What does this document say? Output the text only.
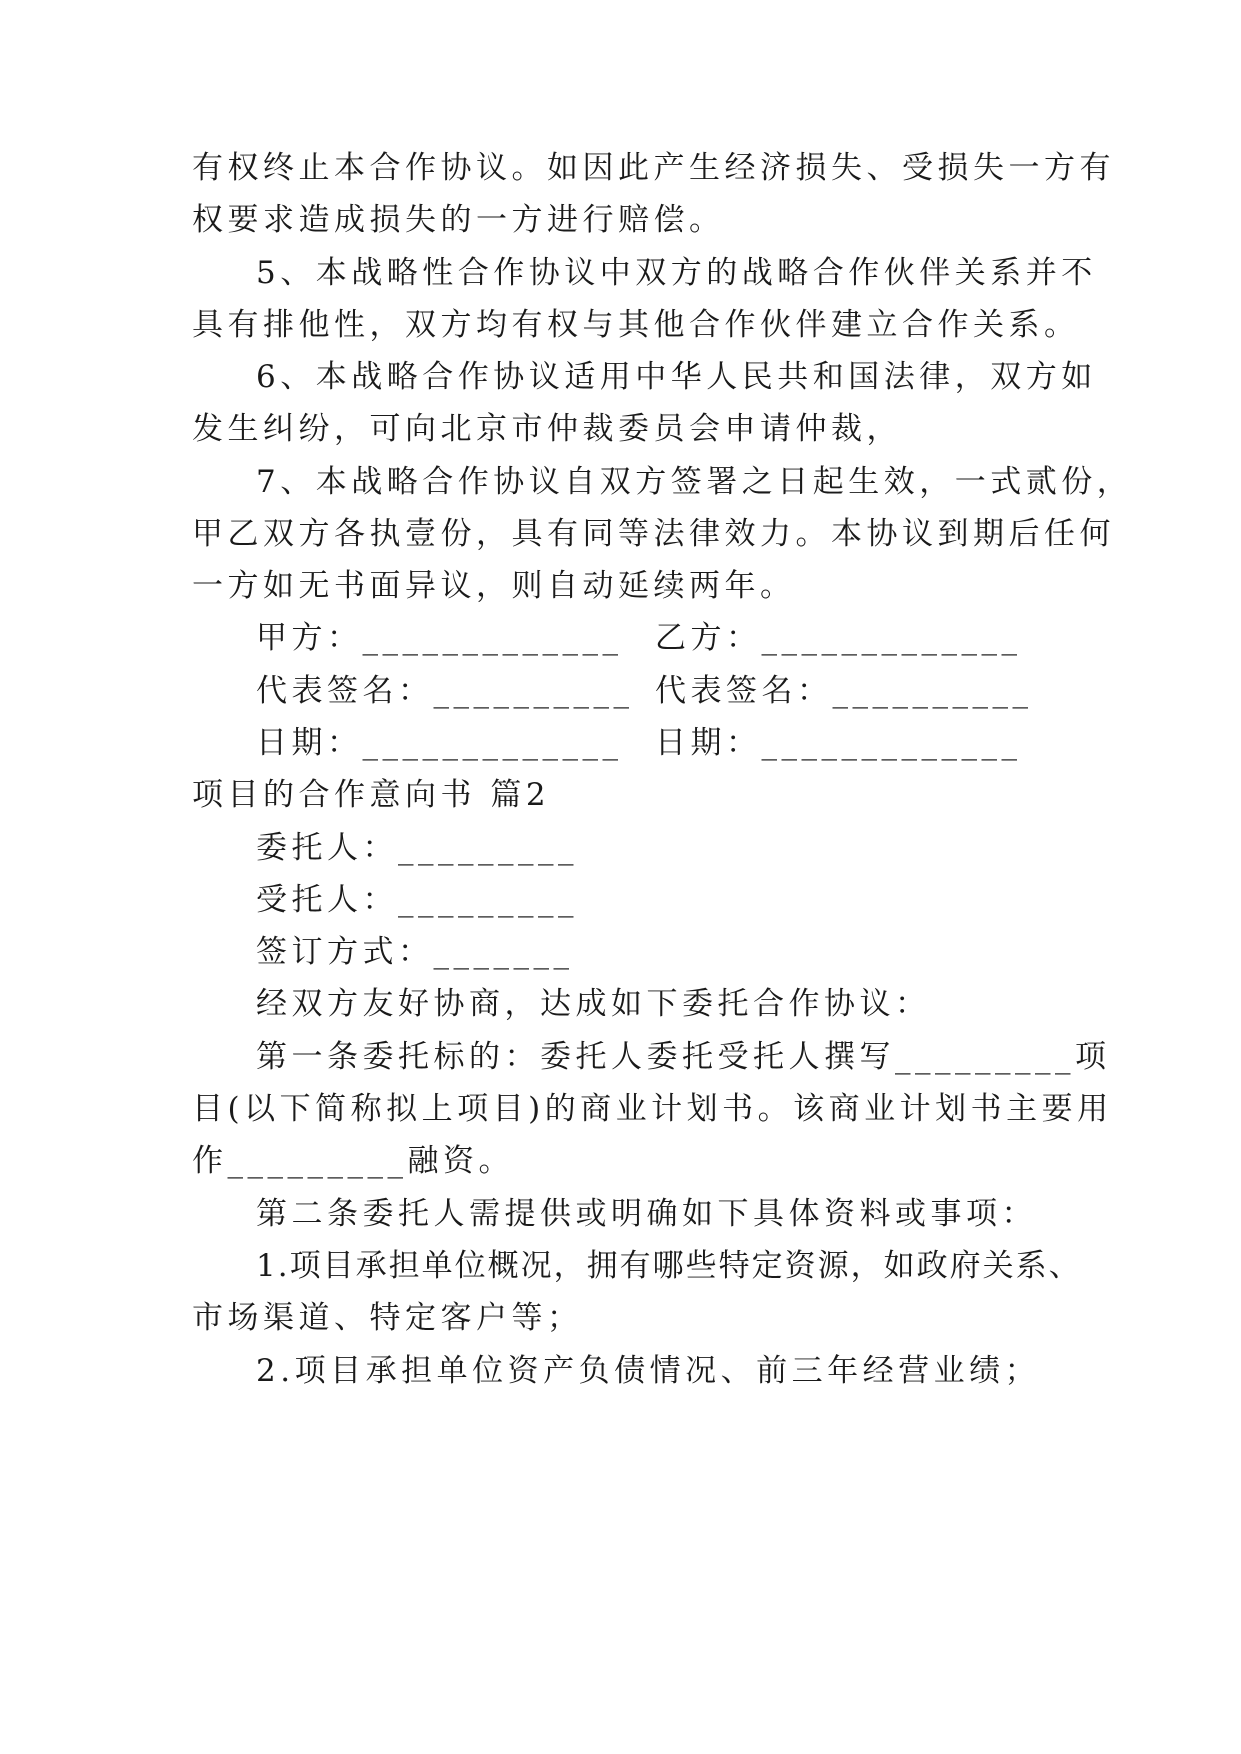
有权终止本合作协议。如因此产生经济损失、受损失一方有
权要求造成损失的一方进行赔偿。
5、本战略性合作协议中双方的战略合作伙伴关系并不
具有排他性，双方均有权与其他合作伙伴建立合作关系。
6、本战略合作协议适用中华人民共和国法律，双方如
发生纠纷，可向北京市仲裁委员会申请仲裁，
7、本战略合作协议自双方签署之日起生效，一式贰份，
甲乙双方各执壹份，具有同等法律效力。本协议到期后任何
一方如无书面异议，则自动延续两年。
甲方：_____________ 乙方：_____________
代表签名：__________ 代表签名：__________
日期：_____________ 日期：_____________
项目的合作意向书 篇2
委托人：_________
受托人：_________
签订方式：_______
经双方友好协商，达成如下委托合作协议：
第一条委托标的：委托人委托受托人撰写_________项
目(以下简称拟上项目)的商业计划书。该商业计划书主要用
作_________融资。
第二条委托人需提供或明确如下具体资料或事项：
1.项目承担单位概况，拥有哪些特定资源，如政府关系、
市场渠道、特定客户等；
2.项目承担单位资产负债情况、前三年经营业绩；
